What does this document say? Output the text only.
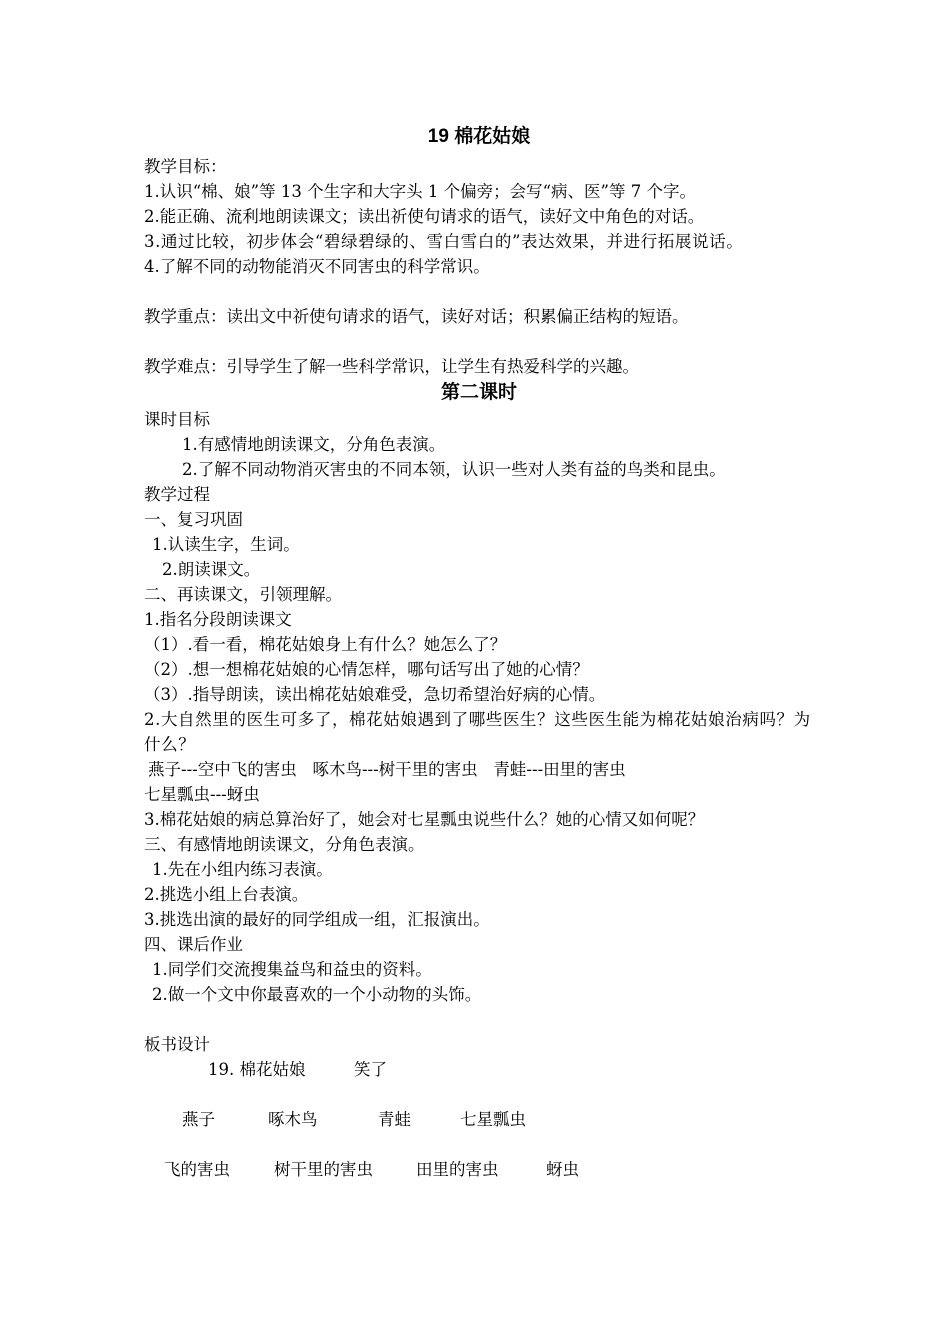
19 棉花姑娘
教学目标：
1.认识“棉、娘”等 13 个生字和大字头 1 个偏旁；会写“病、医”等 7 个字。
2.能正确、流利地朗读课文；读出祈使句请求的语气，读好文中角色的对话。
3.通过比较，初步体会“碧绿碧绿的、雪白雪白的”表达效果，并进行拓展说话。
4.了解不同的动物能消灭不同害虫的科学常识。
教学重点：读出文中祈使句请求的语气，读好对话；积累偏正结构的短语。
教学难点：引导学生了解一些科学常识，让学生有热爱科学的兴趣。
第二课时
课时目标
1.有感情地朗读课文，分角色表演。
2.了解不同动物消灭害虫的不同本领，认识一些对人类有益的鸟类和昆虫。
教学过程
一、复习巩固
1.认读生字，生词。
2.朗读课文。
二、再读课文，引领理解。
1.指名分段朗读课文
（1）.看一看，棉花姑娘身上有什么？她怎么了？
（2）.想一想棉花姑娘的心情怎样，哪句话写出了她的心情？
（3）.指导朗读，读出棉花姑娘难受，急切希望治好病的心情。
2.大自然里的医生可多了，棉花姑娘遇到了哪些医生？这些医生能为棉花姑娘治病吗？为什么？
燕子---空中飞的害虫   啄木鸟---树干里的害虫   青蛙---田里的害虫
七星瓢虫---蚜虫
3.棉花姑娘的病总算治好了，她会对七星瓢虫说些什么？她的心情又如何呢？
三、有感情地朗读课文，分角色表演。
1.先在小组内练习表演。
2.挑选小组上台表演。
3.挑选出演的最好的同学组成一组，汇报演出。
四、课后作业
1.同学们交流搜集益鸟和益虫的资料。
2.做一个文中你最喜欢的一个小动物的头饰。
板书设计
19. 棉花姑娘	笑了
燕子	啄木鸟	青蛙	七星瓢虫
飞的害虫	树干里的害虫	田里的害虫	蚜虫
